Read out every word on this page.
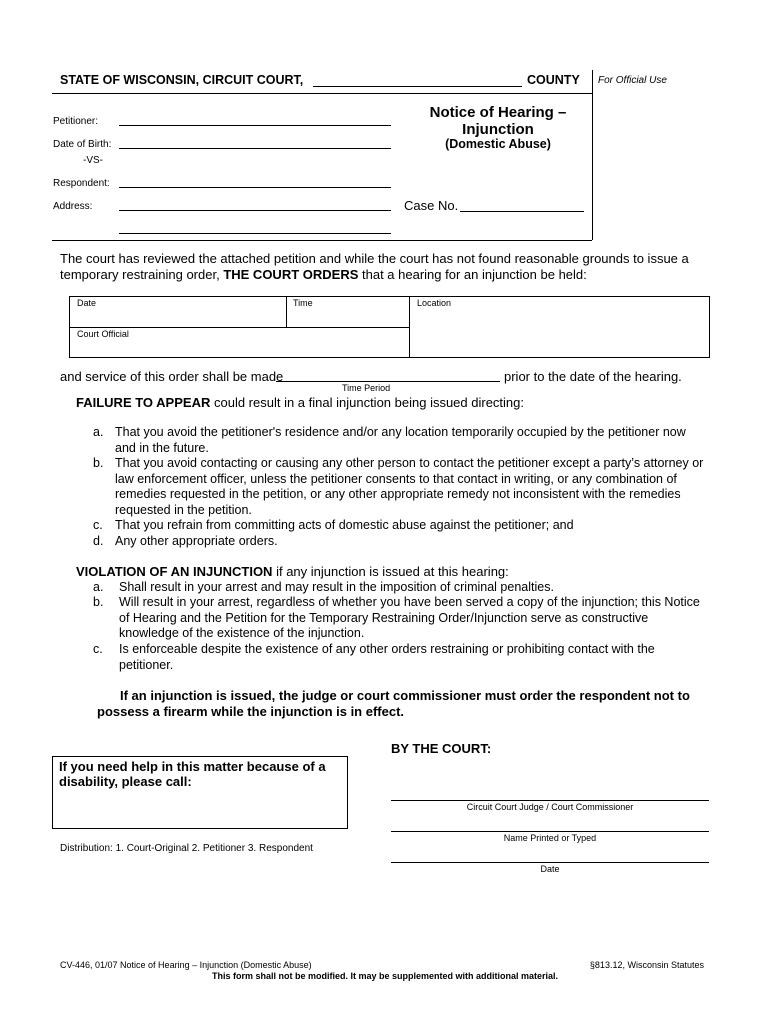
STATE OF WISCONSIN, CIRCUIT COURT,	COUNTY For Official Use
Petitioner:
Date of Birth:
-VS-
Respondent:
Address:
Notice of Hearing –
Injunction
(Domestic Abuse)
Case No.
The court has reviewed the attached petition and while the court has not found reasonable grounds to issue a
temporary restraining order, THE COURT ORDERS that a hearing for an injunction be held:
Date	Time	Location
Court Official
and service of this order shall be made	prior to the date of the hearing.
Time Period
FAILURE TO APPEAR could result in a final injunction being issued directing:
a. That you avoid the petitioner's residence and/or any location temporarily occupied by the petitioner now
and in the future.
b. That you avoid contacting or causing any other person to contact the petitioner except a party’s attorney or
law enforcement officer, unless the petitioner consents to that contact in writing, or any combination of
remedies requested in the petition, or any other appropriate remedy not inconsistent with the remedies
requested in the petition.
c. That you refrain from committing acts of domestic abuse against the petitioner; and
d. Any other appropriate orders.
VIOLATION OF AN INJUNCTION if any injunction is issued at this hearing:
a. Shall result in your arrest and may result in the imposition of criminal penalties.
b. Will result in your arrest, regardless of whether you have been served a copy of the injunction; this Notice
of Hearing and the Petition for the Temporary Restraining Order/Injunction serve as constructive
knowledge of the existence of the injunction.
c. Is enforceable despite the existence of any other orders restraining or prohibiting contact with the
petitioner.
If an injunction is issued, the judge or court commissioner must order the respondent not to
possess a firearm while the injunction is in effect.
BY THE COURT:
If you need help in this matter because of a
disability, please call:
Distribution: 1. Court-Original 2. Petitioner 3. Respondent
Circuit Court Judge / Court Commissioner
Name Printed or Typed
Date
CV-446, 01/07 Notice of Hearing – Injunction (Domestic Abuse)	§813.12, Wisconsin Statutes
This form shall not be modified. It may be supplemented with additional material.
